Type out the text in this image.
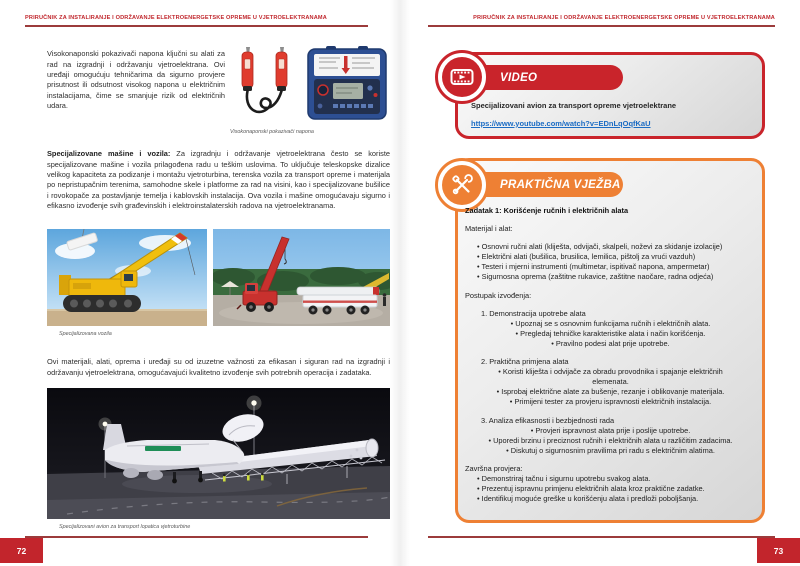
PRIRUČNIK ZA INSTALIRANJE I ODRŽAVANJE ELEKTROENERGETSKE OPREME U VJETROELEKTRANAMA

Visokonaponski pokazivači napona ključni su alati za rad na izgradnji i održavanju vjetroelektrana. Ovi uređaji omogućuju tehničarima da sigurno provjere prisutnost ili odsutnost visokog napona u električnim instalacijama, čime se smanjuje rizik od električnih udara.

Visokonaponski pokazivači napona

Specijalizovane mašine i vozila: Za izgradnju i održavanje vjetroelektrana često se koriste specijalizovane mašine i vozila prilagođena radu u teškim uslovima. To uključuje teleskopske dizalice velikog kapaciteta za podizanje i montažu vjetroturbina, terenska vozila za transport opreme i materijala po nepristupačnim terenima, samohodne skele i platforme za rad na visini, kao i specijalizovane bušilice i rovokopače za postavljanje temelja i kablovskih instalacija. Ova vozila i mašine omogućavaju sigurno i efikasno izvođenje svih građevinskih i elektroinstalaterskih radova na vjetroelektranama.

Specijalizovana vozila

Ovi materijali, alati, oprema i uređaji su od izuzetne važnosti za efikasan i siguran rad na izgradnji i održavanju vjetroelektrana, omogućavajući kvalitetno izvođenje svih potrebnih operacija i zadataka.

Specijalizovani avion za transport lopatica vjetroturbine
72
PRIRUČNIK ZA INSTALIRANJE I ODRŽAVANJE ELEKTROENERGETSKE OPREME U VJETROELEKTRANAMA
VIDEO
Specijalizovani avion za transport opreme vjetroelektrane
https://www.youtube.com/watch?v=EDnLqOqfKaU
PRAKTIČNA VJEŽBA
Zadatak 1: Korišćenje ručnih i električnih alata
Materijal i alat:
• Osnovni ručni alati (kliješta, odvijači, skalpeli, noževi za skidanje izolacije)
• Električni alati (bušilica, brusilica, lemilica, pištolj za vrući vazduh)
• Testeri i mjerni instrumenti (multimetar, ispitivač napona, ampermetar)
• Sigurnosna oprema (zaštitne rukavice, zaštitne naočare, radna odjeća)
Postupak izvođenja:
1. Demonstracija upotrebe alata
• Upoznaj se s osnovnim funkcijama ručnih i električnih alata.
• Pregledaj tehničke karakteristike alata i način korišćenja.
• Pravilno podesi alat prije upotrebe.
2. Praktična primjena alata
• Koristi kliješta i odvijače za obradu provodnika i spajanje električnih elemenata.
• Isprobaj električne alate za bušenje, rezanje i oblikovanje materijala.
• Primijeni tester za provjeru ispravnosti električnih instalacija.
3. Analiza efikasnosti i bezbjednosti rada
• Provjeri ispravnost alata prije i poslije upotrebe.
• Uporedi brzinu i preciznost ručnih i električnih alata u različitim zadacima.
• Diskutuj o sigurnosnim pravilima pri radu s električnim alatima.
Završna provjera:
• Demonstriraj tačnu i sigurnu upotrebu svakog alata.
• Prezentuj ispravnu primjenu električnih alata kroz praktične zadatke.
• Identifikuj moguće greške u korišćenju alata i predloži poboljšanja.
73
